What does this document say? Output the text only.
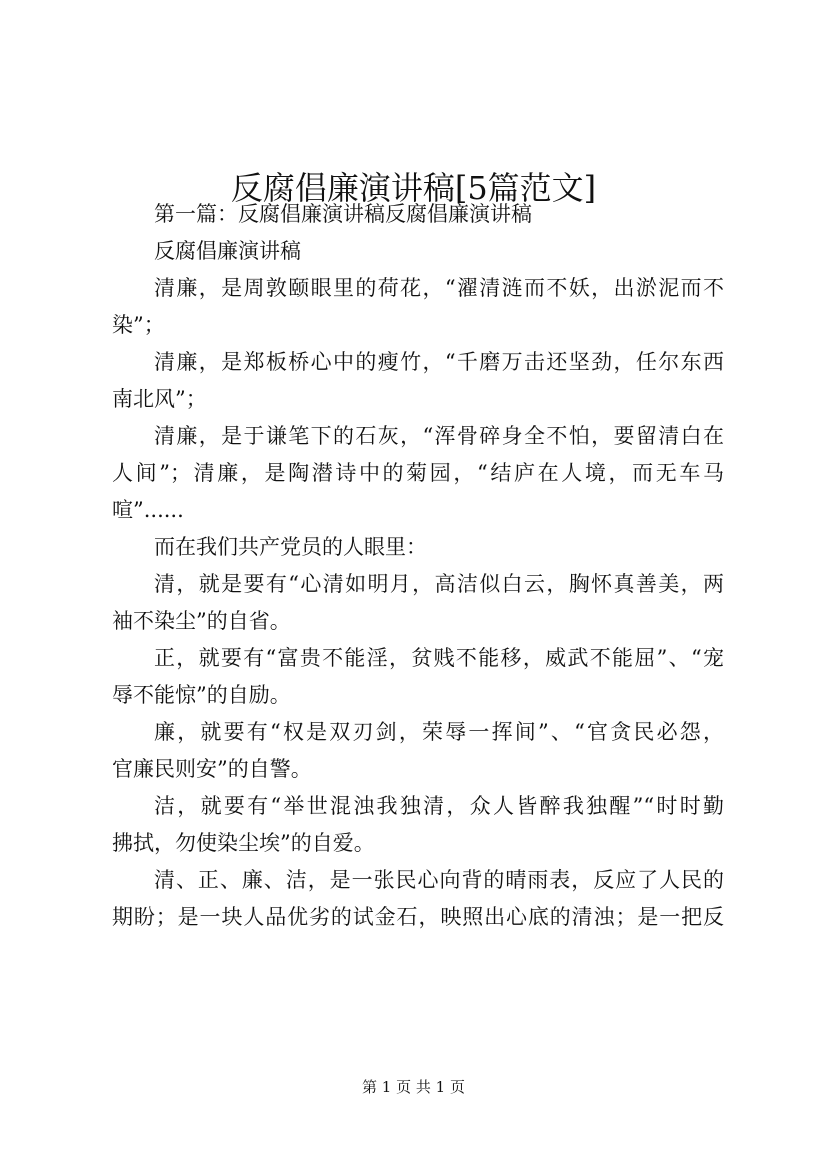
反腐倡廉演讲稿[5篇范文]
第一篇：反腐倡廉演讲稿反腐倡廉演讲稿
反腐倡廉演讲稿
清廉，是周敦颐眼里的荷花，“濯清涟而不妖，出淤泥而不
染”；
清廉，是郑板桥心中的瘦竹，“千磨万击还坚劲，任尔东西
南北风”；
清廉，是于谦笔下的石灰，“浑骨碎身全不怕，要留清白在
人间”；清廉，是陶潜诗中的菊园，“结庐在人境，而无车马
喧”......
而在我们共产党员的人眼里：
清，就是要有“心清如明月，高洁似白云，胸怀真善美，两
袖不染尘”的自省。
正，就要有“富贵不能淫，贫贱不能移，威武不能屈”、“宠
辱不能惊”的自励。
廉，就要有“权是双刃剑，荣辱一挥间”、“官贪民必怨，
官廉民则安”的自警。
洁，就要有“举世混浊我独清，众人皆醉我独醒”“时时勤
拂拭，勿使染尘埃”的自爱。
清、正、廉、洁，是一张民心向背的晴雨表，反应了人民的
期盼；是一块人品优劣的试金石，映照出心底的清浊；是一把反
第 1 页 共 1 页
